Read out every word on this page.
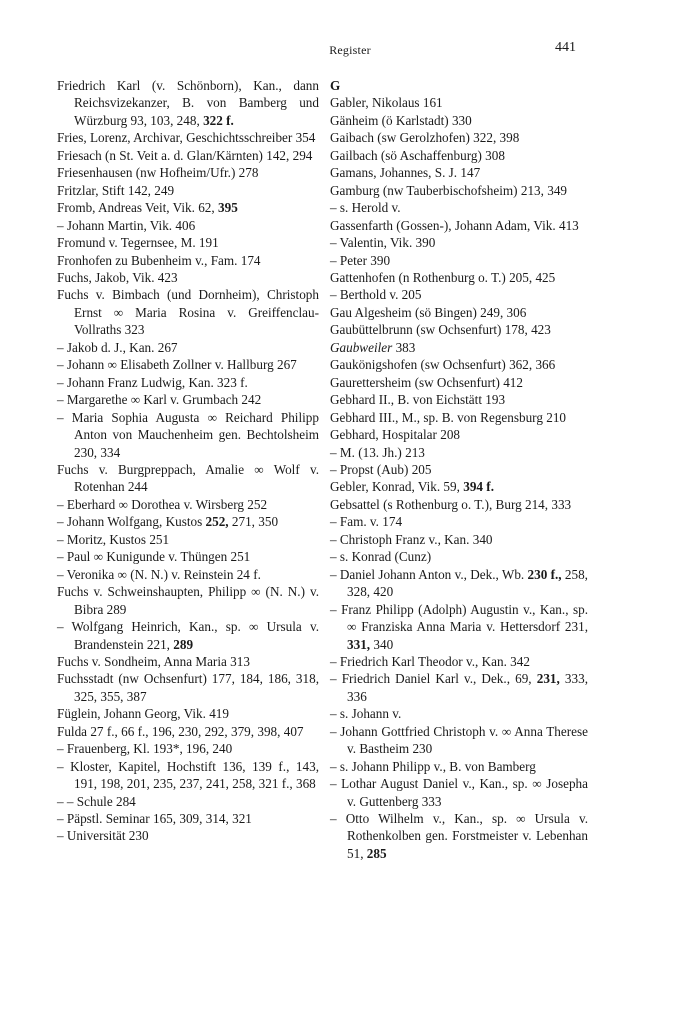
Register	441
Friedrich Karl (v. Schönborn), Kan., dann Reichsvizekanzer, B. von Bamberg und Würzburg 93, 103, 248, 322 f.
Fries, Lorenz, Archivar, Geschichtsschreiber 354
Friesach (n St. Veit a. d. Glan/Kärnten) 142, 294
Friesenhausen (nw Hofheim/Ufr.) 278
Fritzlar, Stift 142, 249
Fromb, Andreas Veit, Vik. 62, 395
– Johann Martin, Vik. 406
Fromund v. Tegernsee, M. 191
Fronhofen zu Bubenheim v., Fam. 174
Fuchs, Jakob, Vik. 423
Fuchs v. Bimbach (und Dornheim), Christoph Ernst ∞ Maria Rosina v. Greiffenclau-Vollraths 323
– Jakob d. J., Kan. 267
– Johann ∞ Elisabeth Zollner v. Hallburg 267
– Johann Franz Ludwig, Kan. 323 f.
– Margarethe ∞ Karl v. Grumbach 242
– Maria Sophia Augusta ∞ Reichard Philipp Anton von Mauchenheim gen. Bechtolsheim 230, 334
Fuchs v. Burgpreppach, Amalie ∞ Wolf v. Rotenhan 244
– Eberhard ∞ Dorothea v. Wirsberg 252
– Johann Wolfgang, Kustos 252, 271, 350
– Moritz, Kustos 251
– Paul ∞ Kunigunde v. Thüngen 251
– Veronika ∞ (N. N.) v. Reinstein 24 f.
Fuchs v. Schweinshaupten, Philipp ∞ (N. N.) v. Bibra 289
– Wolfgang Heinrich, Kan., sp. ∞ Ursula v. Brandenstein 221, 289
Fuchs v. Sondheim, Anna Maria 313
Fuchsstadt (nw Ochsenfurt) 177, 184, 186, 318, 325, 355, 387
Füglein, Johann Georg, Vik. 419
Fulda 27 f., 66 f., 196, 230, 292, 379, 398, 407
– Frauenberg, Kl. 193*, 196, 240
– Kloster, Kapitel, Hochstift 136, 139 f., 143, 191, 198, 201, 235, 237, 241, 258, 321 f., 368
– – Schule 284
– Päpstl. Seminar 165, 309, 314, 321
– Universität 230
G
Gabler, Nikolaus 161
Gänheim (ö Karlstadt) 330
Gaibach (sw Gerolzhofen) 322, 398
Gailbach (sö Aschaffenburg) 308
Gamans, Johannes, S. J. 147
Gamburg (nw Tauberbischofsheim) 213, 349
– s. Herold v.
Gassenfarth (Gossen-), Johann Adam, Vik. 413
– Valentin, Vik. 390
– Peter 390
Gattenhofen (n Rothenburg o. T.) 205, 425
– Berthold v. 205
Gau Algesheim (sö Bingen) 249, 306
Gaubüttelbrunn (sw Ochsenfurt) 178, 423
Gaubweiler 383
Gaukönigshofen (sw Ochsenfurt) 362, 366
Gaurettersheim (sw Ochsenfurt) 412
Gebhard II., B. von Eichstätt 193
Gebhard III., M., sp. B. von Regensburg 210
Gebhard, Hospitalar 208
– M. (13. Jh.) 213
– Propst (Aub) 205
Gebler, Konrad, Vik. 59, 394 f.
Gebsattel (s Rothenburg o. T.), Burg 214, 333
– Fam. v. 174
– Christoph Franz v., Kan. 340
– s. Konrad (Cunz)
– Daniel Johann Anton v., Dek., Wb. 230 f., 258, 328, 420
– Franz Philipp (Adolph) Augustin v., Kan., sp. ∞ Franziska Anna Maria v. Hettersdorf 231, 331, 340
– Friedrich Karl Theodor v., Kan. 342
– Friedrich Daniel Karl v., Dek., 69, 231, 333, 336
– s. Johann v.
– Johann Gottfried Christoph v. ∞ Anna Therese v. Bastheim 230
– s. Johann Philipp v., B. von Bamberg
– Lothar August Daniel v., Kan., sp. ∞ Josepha v. Guttenberg 333
– Otto Wilhelm v., Kan., sp. ∞ Ursula v. Rothenkolben gen. Forstmeister v. Lebenhan 51, 285
